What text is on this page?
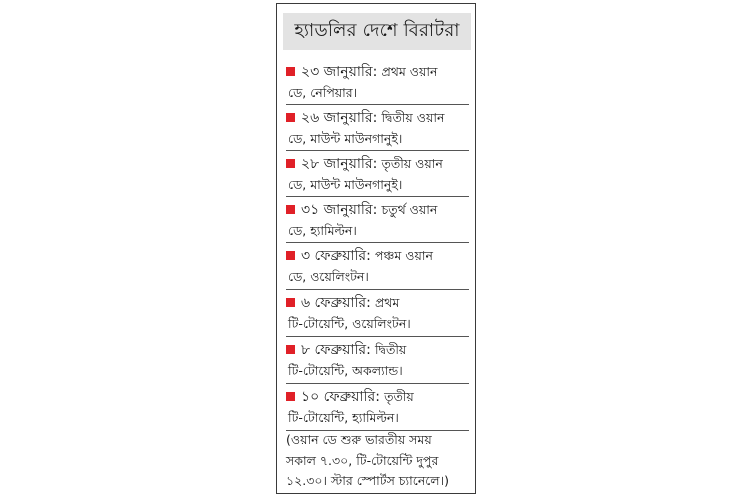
হ্যাডলির দেশে বিরাটরা
২৩ জানুয়ারি: প্রথম ওয়ান
ডে, নেপিয়ার।
২৬ জানুয়ারি: দ্বিতীয় ওয়ান
ডে, মাউন্ট মাউনগানুই।
২৮ জানুয়ারি: তৃতীয় ওয়ান
ডে, মাউন্ট মাউনগানুই।
৩১ জানুয়ারি: চতুর্থ ওয়ান
ডে, হ্যামিল্টন।
৩ ফেব্রুয়ারি: পঞ্চম ওয়ান
ডে, ওয়েলিংটন।
৬ ফেব্রুয়ারি: প্রথম
টি-টোয়েন্টি, ওয়েলিংটন।
৮ ফেব্রুয়ারি: দ্বিতীয়
টি-টোয়েন্টি, অকল্যান্ড।
১০ ফেব্রুয়ারি: তৃতীয়
টি-টোয়েন্টি, হ্যামিল্টন।
(ওয়ান ডে শুরু ভারতীয় সময়
সকাল ৭.৩০, টি-টোয়েন্টি দুপুর
১২.৩০। স্টার স্পোর্টস চ্যানেলে।)
